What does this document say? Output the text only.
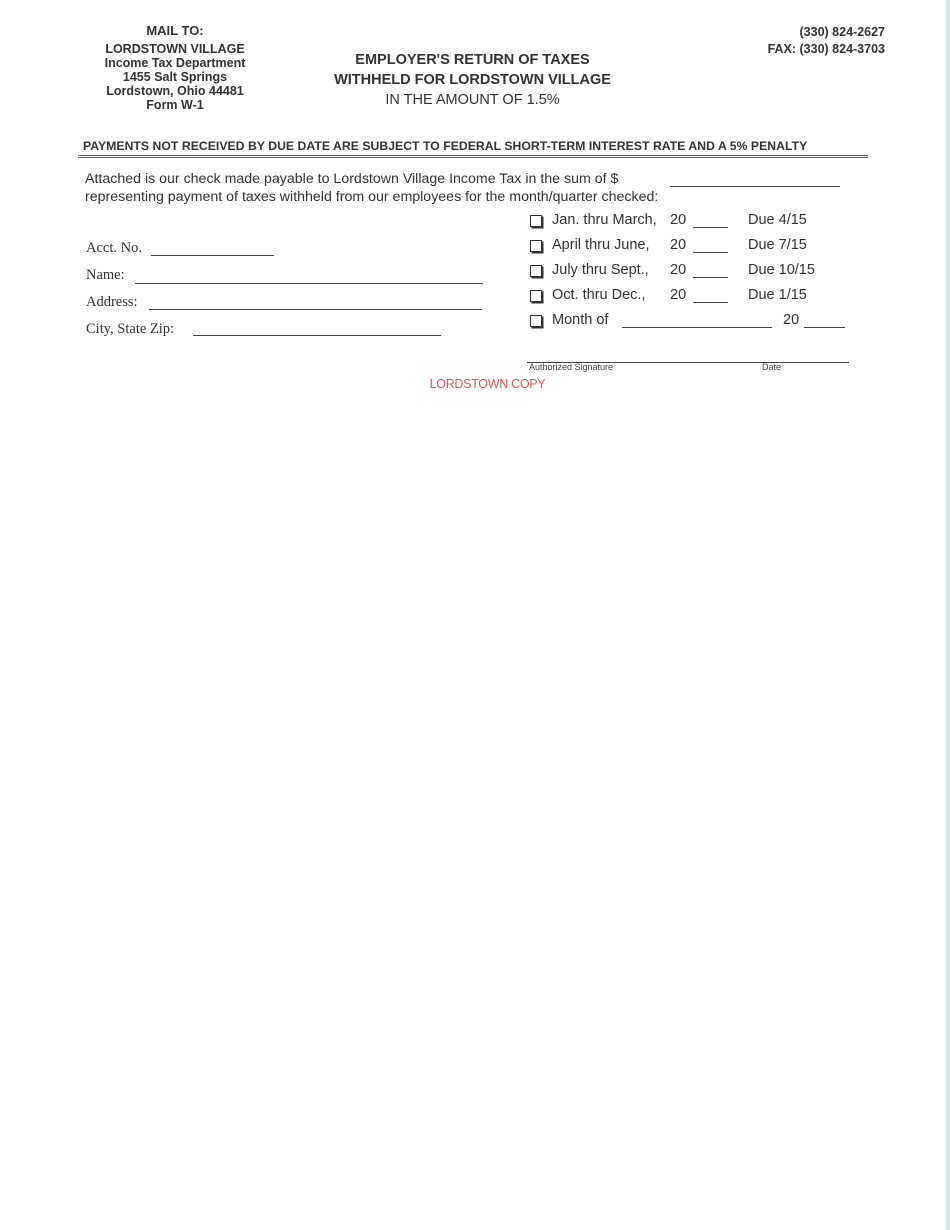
MAIL TO:
LORDSTOWN VILLAGE
Income Tax Department
1455 Salt Springs
Lordstown, Ohio 44481
Form W-1
EMPLOYER'S RETURN OF TAXES
WITHHELD FOR LORDSTOWN VILLAGE
IN THE AMOUNT OF 1.5%
(330) 824-2627
FAX: (330) 824-3703
PAYMENTS NOT RECEIVED BY DUE DATE ARE SUBJECT TO FEDERAL SHORT-TERM INTEREST RATE AND A 5% PENALTY
Attached is our check made payable to Lordstown Village Income Tax in the sum of $
representing payment of taxes withheld from our employees for the month/quarter checked:
Acct. No.
Name:
Address:
City, State Zip:
Jan. thru March, 20	Due 4/15
April thru June, 20	Due 7/15
July thru Sept., 20	Due 10/15
Oct. thru Dec., 20	Due 1/15
Month of	20
Authorized Signature	Date
LORDSTOWN COPY
